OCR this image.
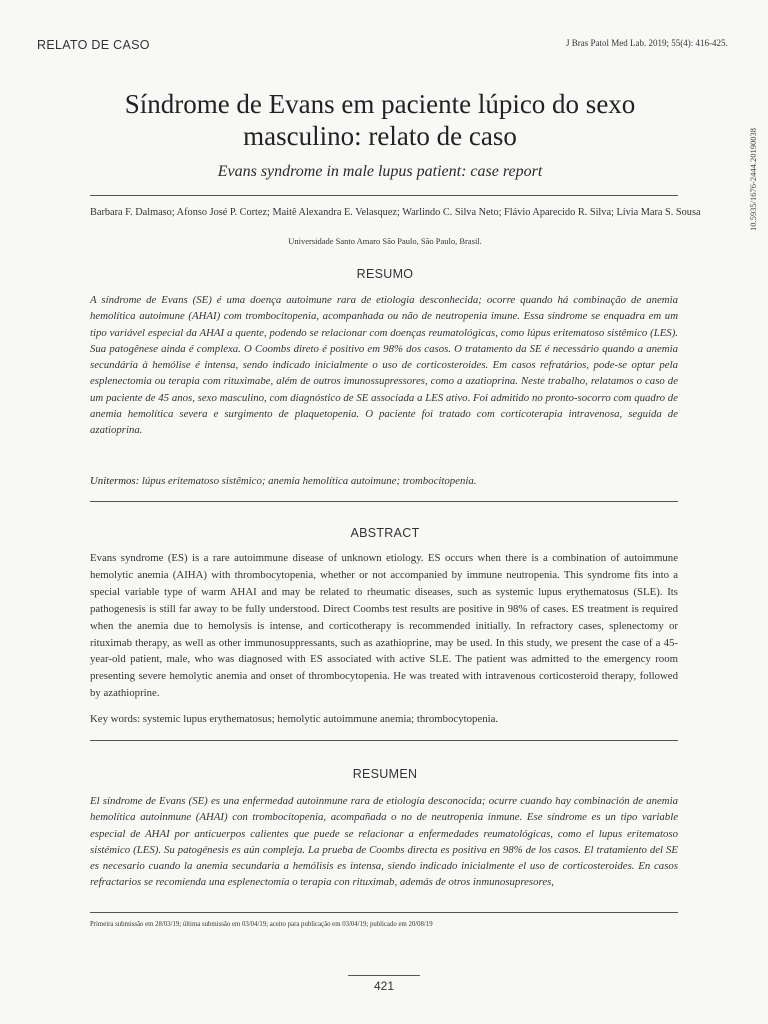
RELATO DE CASO	J Bras Patol Med Lab. 2019; 55(4): 416-425.
10.5935/1676-2444.20190038
Síndrome de Evans em paciente lúpico do sexo masculino: relato de caso
Evans syndrome in male lupus patient: case report
Barbara F. Dalmaso; Afonso José P. Cortez; Maitê Alexandra E. Velasquez; Warlindo C. Silva Neto; Flávio Aparecido R. Silva; Lívia Mara S. Sousa
Universidade Santo Amaro São Paulo, São Paulo, Brasil.
RESUMO
A síndrome de Evans (SE) é uma doença autoimune rara de etiologia desconhecida; ocorre quando há combinação de anemia hemolítica autoimune (AHAI) com trombocitopenia, acompanhada ou não de neutropenia imune. Essa síndrome se enquadra em um tipo variável especial da AHAI a quente, podendo se relacionar com doenças reumatológicas, como lúpus eritematoso sistêmico (LES). Sua patogênese ainda é complexa. O Coombs direto é positivo em 98% dos casos. O tratamento da SE é necessário quando a anemia secundária à hemólise é intensa, sendo indicado inicialmente o uso de corticosteroides. Em casos refratários, pode-se optar pela esplenectomia ou terapia com rituximabe, além de outros imunossupressores, como a azatioprina. Neste trabalho, relatamos o caso de um paciente de 45 anos, sexo masculino, com diagnóstico de SE associada a LES ativo. Foi admitido no pronto-socorro com quadro de anemia hemolítica severa e surgimento de plaquetopenia. O paciente foi tratado com corticoterapia intravenosa, seguida de azatioprina.
Unitermos: lúpus eritematoso sistêmico; anemia hemolítica autoimune; trombocitopenia.
ABSTRACT
Evans syndrome (ES) is a rare autoimmune disease of unknown etiology. ES occurs when there is a combination of autoimmune hemolytic anemia (AIHA) with thrombocytopenia, whether or not accompanied by immune neutropenia. This syndrome fits into a special variable type of warm AHAI and may be related to rheumatic diseases, such as systemic lupus erythematosus (SLE). Its pathogenesis is still far away to be fully understood. Direct Coombs test results are positive in 98% of cases. ES treatment is required when the anemia due to hemolysis is intense, and corticotherapy is recommended initially. In refractory cases, splenectomy or rituximab therapy, as well as other immunosuppressants, such as azathioprine, may be used. In this study, we present the case of a 45-year-old patient, male, who was diagnosed with ES associated with active SLE. The patient was admitted to the emergency room presenting severe hemolytic anemia and onset of thrombocytopenia. He was treated with intravenous corticosteroid therapy, followed by azathioprine.
Key words: systemic lupus erythematosus; hemolytic autoimmune anemia; thrombocytopenia.
RESUMEN
El síndrome de Evans (SE) es una enfermedad autoinmune rara de etiología desconocida; ocurre cuando hay combinación de anemia hemolítica autoinmune (AHAI) con trombocitopenia, acompañada o no de neutropenia inmune. Ese síndrome es un tipo variable especial de AHAI por anticuerpos calientes que puede se relacionar a enfermedades reumatológicas, como el lupus eritematoso sistémico (LES). Su patogénesis es aún compleja. La prueba de Coombs directa es positiva en 98% de los casos. El tratamiento del SE es necesario cuando la anemia secundaria a hemólisis es intensa, siendo indicado inicialmente el uso de corticosteroides. En casos refractarios se recomienda una esplenectomía o terapia con rituximab, además de otros inmunosupresores,
Primeira submissão em 28/03/19; última submissão em 03/04/19; aceito para publicação em 03/04/19; publicado em 20/08/19
421
